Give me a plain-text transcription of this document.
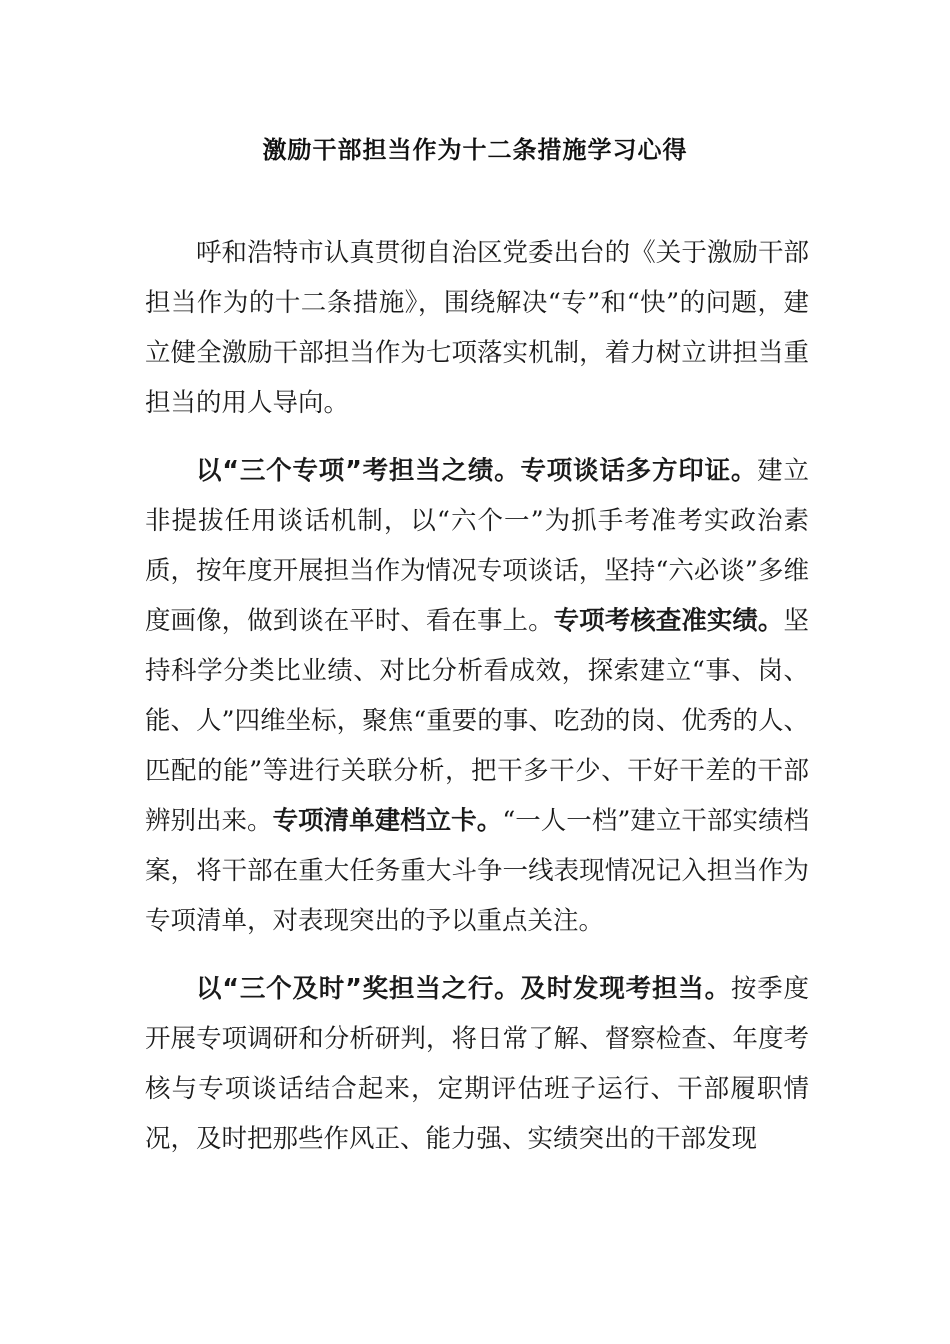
激励干部担当作为十二条措施学习心得

呼和浩特市认真贯彻自治区党委出台的《关于激励干部担当作为的十二条措施》，围绕解决“专”和“快”的问题，建立健全激励干部担当作为七项落实机制，着力树立讲担当重担当的用人导向。

以“三个专项”考担当之绩。专项谈话多方印证。建立非提拔任用谈话机制，以“六个一”为抓手考准考实政治素质，按年度开展担当作为情况专项谈话，坚持“六必谈”多维度画像，做到谈在平时、看在事上。专项考核查准实绩。坚持科学分类比业绩、对比分析看成效，探索建立“事、岗、能、人”四维坐标，聚焦“重要的事、吃劲的岗、优秀的人、匹配的能”等进行关联分析，把干多干少、干好干差的干部辨别出来。专项清单建档立卡。“一人一档”建立干部实绩档案，将干部在重大任务重大斗争一线表现情况记入担当作为专项清单，对表现突出的予以重点关注。

以“三个及时”奖担当之行。及时发现考担当。按季度开展专项调研和分析研判，将日常了解、督察检查、年度考核与专项谈话结合起来，定期评估班子运行、干部履职情况，及时把那些作风正、能力强、实绩突出的干部发现
